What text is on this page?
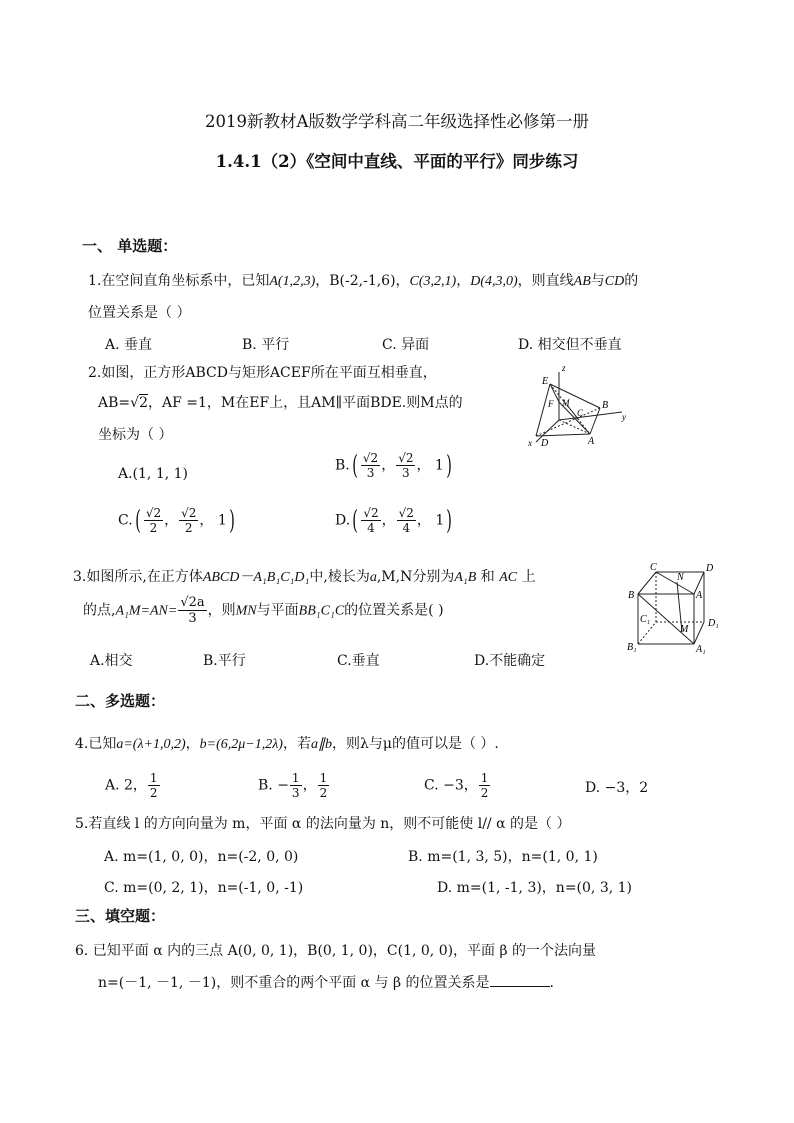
2019新教材A版数学学科高二年级选择性必修第一册
1.4.1（2）《空间中直线、平面的平行》同步练习
一、 单选题：
1.在空间直角坐标系中，已知A(1,2,3)，B(-2,-1,6)，C(3,2,1)，D(4,3,0)，则直线AB与CD的
位置关系是（ ）
A. 垂直	B. 平行	C. 异面	D. 相交但不垂直
2.如图，正方形ABCD与矩形ACEF所在平面互相垂直，
AB=√2，AF =1，M在EF上，且AM∥平面BDE.则M点的
坐标为（ ）
A.(1, 1, 1)
$B.( \frac{√2}{3}$ ， $\frac{√2}{3}$ ， 1)
$C.( \frac{√2}{2}$ ， $\frac{√2}{2}$ ， 1)	$D.( \frac{√2}{4}$ ， $\frac{√2}{4}$ ， 1)
E
z
F M	B
C	y
x D	A
3.如图所示,在正方体ABCD－A₁B₁C₁D₁中,棱长为a,M,N分别为A₁B 和 AC 上
的点$,A_1M=AN= \frac{√2a}{3}$ ，则MN与平面BB₁C₁C的位置关系是( )
A.相交	B.平行	C.垂直	D.不能确定
C
N
D
B	A
C₁
M
D₁
B₁	A₁
二、多选题：
4.已知a=(λ+1,0,2)，b=(6,2μ−1,2λ)，若a∥b，则λ与μ的值可以是（ ）.
A. 2， $\frac{1}{2}$	B. − $\frac{1}{3}$ ， $\frac{1}{2}$	C. −3， $\frac{1}{2}$	D. −3，2
5.若直线 l 的方向向量为 m，平面 α 的法向量为 n，则不可能使 l// α 的是（ ）
A. m=(1, 0, 0)，n=(-2, 0, 0)	B. m=(1, 3, 5)，n=(1, 0, 1)
C. m=(0, 2, 1)，n=(-1, 0, -1)	D. m=(1, -1, 3)，n=(0, 3, 1)
三、填空题：
6. 已知平面 α 内的三点 A(0, 0, 1)，B(0, 1, 0)，C(1, 0, 0)，平面 β 的一个法向量
n=(－1, －1, －1)，则不重合的两个平面 α 与 β 的位置关系是	.
